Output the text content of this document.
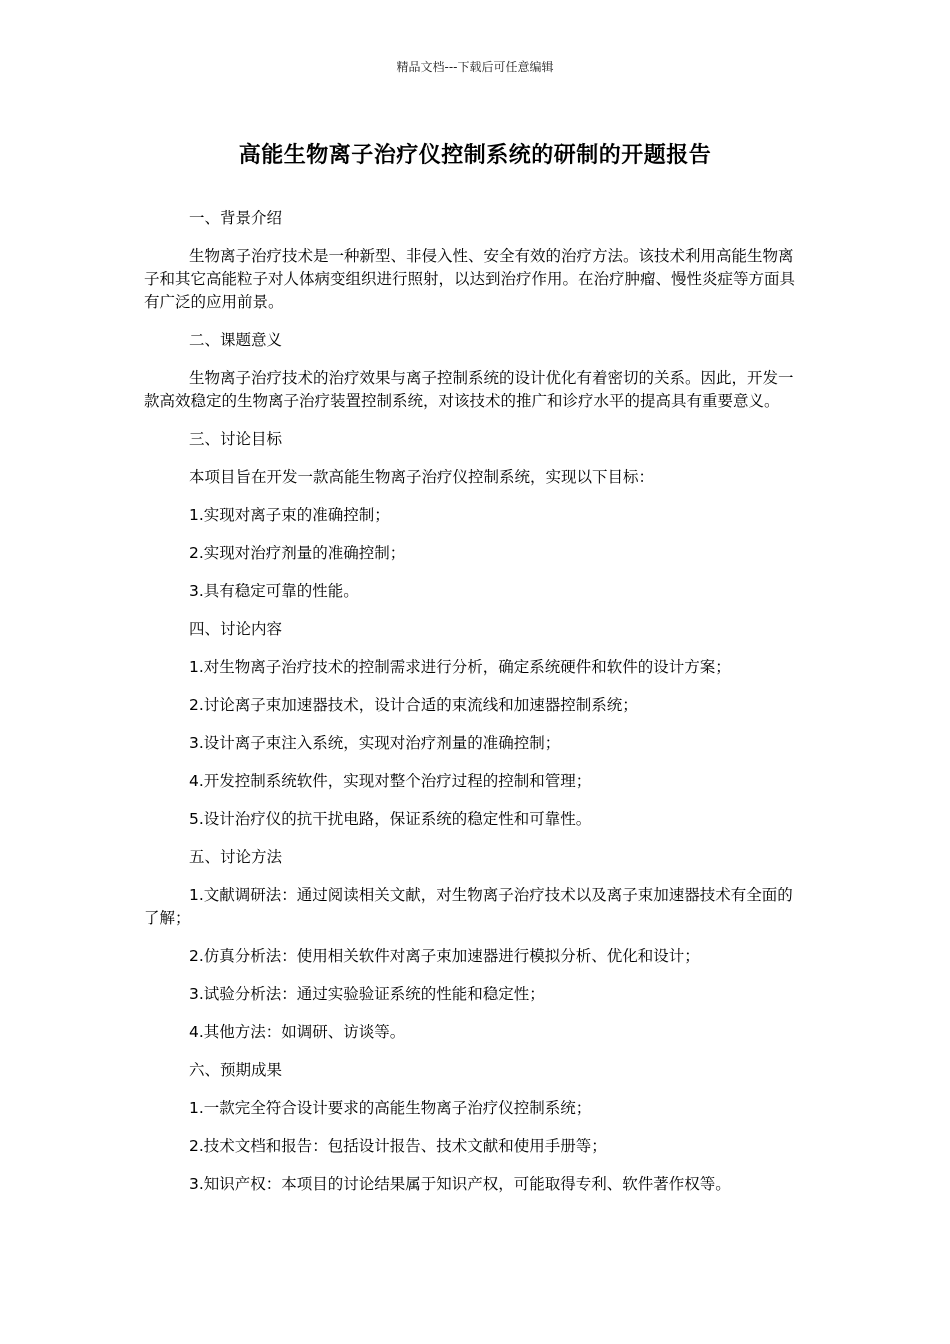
精品文档---下载后可任意编辑
高能生物离子治疗仪控制系统的研制的开题报告

一、背景介绍

生物离子治疗技术是一种新型、非侵入性、安全有效的治疗方法。该技术利用高能生物离子和其它高能粒子对人体病变组织进行照射，以达到治疗作用。在治疗肿瘤、慢性炎症等方面具有广泛的应用前景。

二、课题意义

生物离子治疗技术的治疗效果与离子控制系统的设计优化有着密切的关系。因此，开发一款高效稳定的生物离子治疗装置控制系统，对该技术的推广和诊疗水平的提高具有重要意义。

三、讨论目标

本项目旨在开发一款高能生物离子治疗仪控制系统，实现以下目标：

1.实现对离子束的准确控制；

2.实现对治疗剂量的准确控制；

3.具有稳定可靠的性能。

四、讨论内容

1.对生物离子治疗技术的控制需求进行分析，确定系统硬件和软件的设计方案；

2.讨论离子束加速器技术，设计合适的束流线和加速器控制系统；

3.设计离子束注入系统，实现对治疗剂量的准确控制；

4.开发控制系统软件，实现对整个治疗过程的控制和管理；

5.设计治疗仪的抗干扰电路，保证系统的稳定性和可靠性。

五、讨论方法

1.文献调研法：通过阅读相关文献，对生物离子治疗技术以及离子束加速器技术有全面的了解；

2.仿真分析法：使用相关软件对离子束加速器进行模拟分析、优化和设计；

3.试验分析法：通过实验验证系统的性能和稳定性；

4.其他方法：如调研、访谈等。

六、预期成果

1.一款完全符合设计要求的高能生物离子治疗仪控制系统；

2.技术文档和报告：包括设计报告、技术文献和使用手册等；

3.知识产权：本项目的讨论结果属于知识产权，可能取得专利、软件著作权等。
